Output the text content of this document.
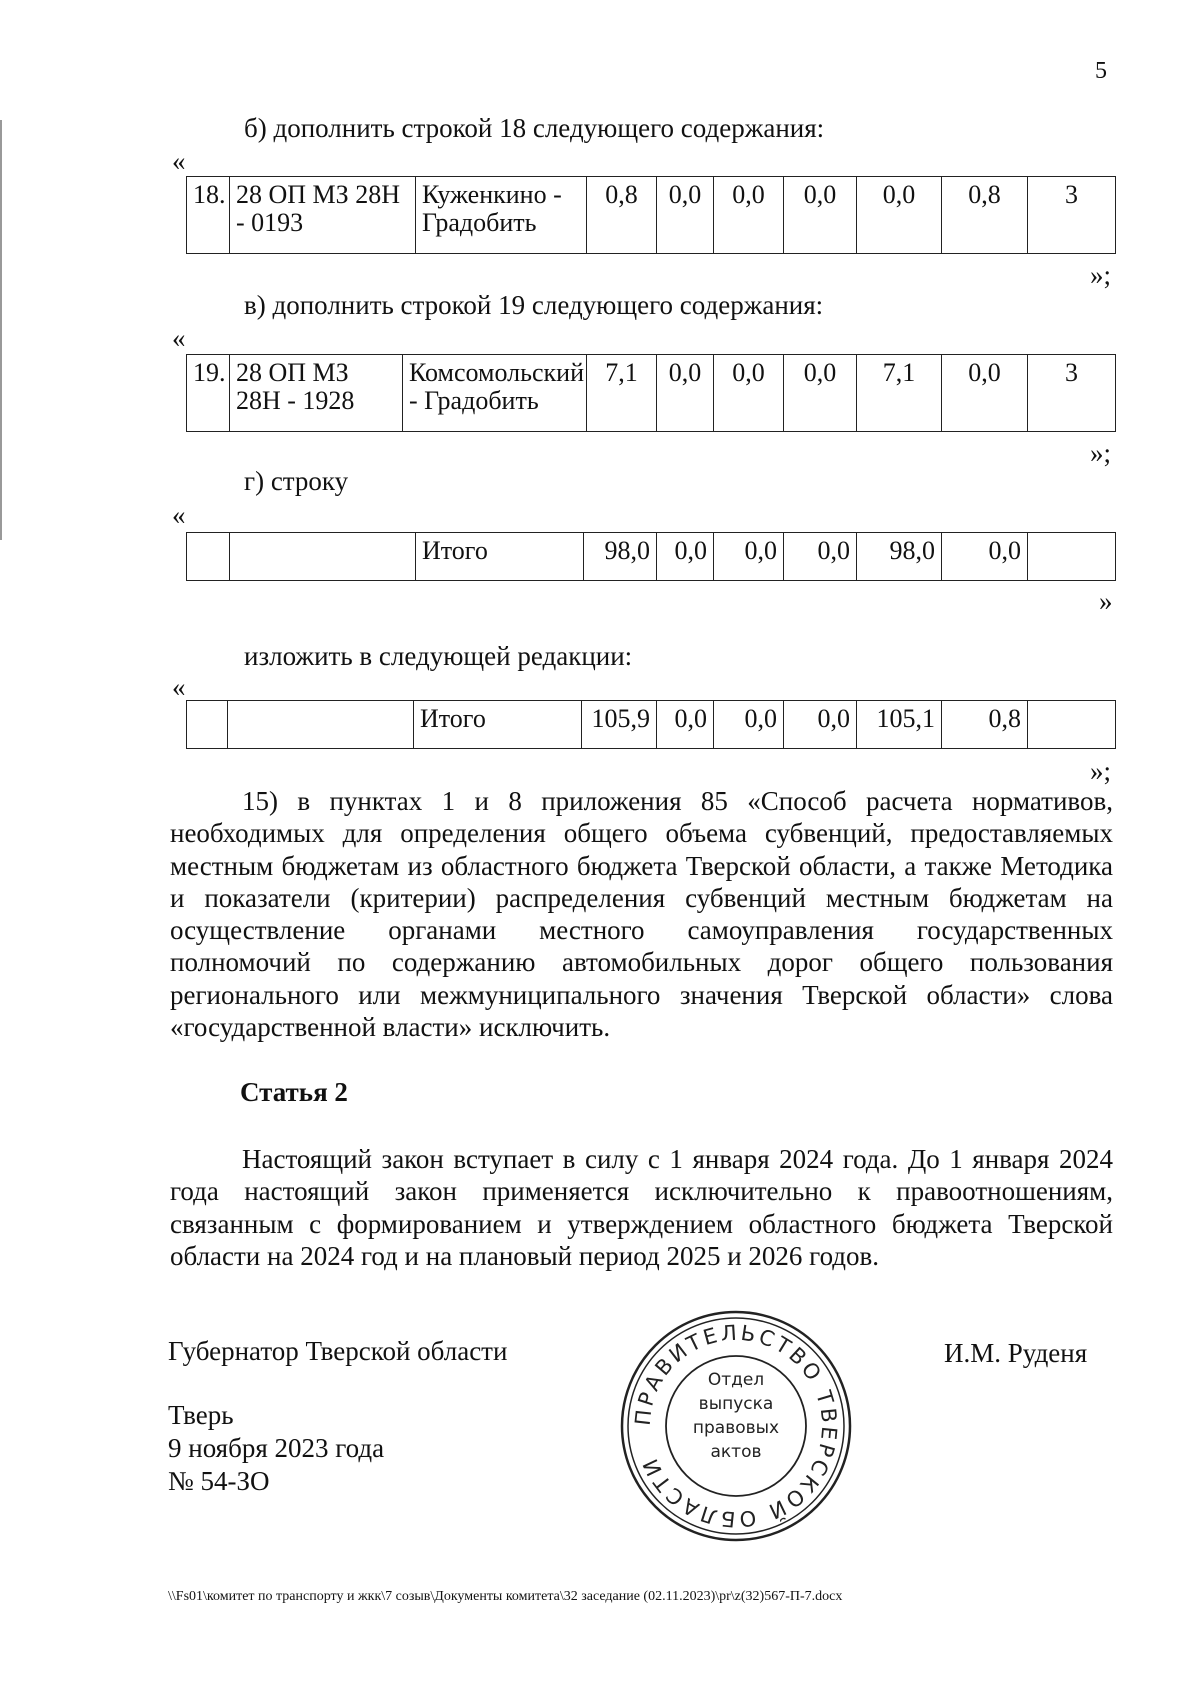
5
б) дополнить строкой 18 следующего содержания:
«
18.	28 ОП МЗ 28Н - 0193	Куженкино - Градобить	0,8	0,0	0,0	0,0	0,0	0,8	3
»;
в) дополнить строкой 19 следующего содержания:
«
19.	28 ОП МЗ 28Н - 1928	Комсомольский - Градобить	7,1	0,0	0,0	0,0	7,1	0,0	3
»;
г) строку
«
		Итого	98,0	0,0	0,0	0,0	98,0	0,0	
»
изложить в следующей редакции:
«
		Итого	105,9	0,0	0,0	0,0	105,1	0,8	
»;
15) в пунктах 1 и 8 приложения 85 «Способ расчета нормативов, необходимых для определения общего объема субвенций, предоставляемых местным бюджетам из областного бюджета Тверской области, а также Методика и показатели (критерии) распределения субвенций местным бюджетам на осуществление органами местного самоуправления государственных полномочий по содержанию автомобильных дорог общего пользования регионального или межмуниципального значения Тверской области» слова «государственной власти» исключить.
Статья 2
Настоящий закон вступает в силу с 1 января 2024 года. До 1 января 2024 года настоящий закон применяется исключительно к правоотношениям, связанным с формированием и утверждением областного бюджета Тверской области на 2024 год и на плановый период 2025 и 2026 годов.
Губернатор Тверской области	И.М. Руденя
Тверь
9 ноября 2023 года
№ 54-ЗО
ПРАВИТЕЛЬСТВО ТВЕРСКОЙ ОБЛАСТИ
Отдел
выпуска
правовых
актов
\\Fs01\комитет по транспорту и жкк\7 созыв\Документы комитета\32 заседание (02.11.2023)\pr\z(32)567-П-7.docx
